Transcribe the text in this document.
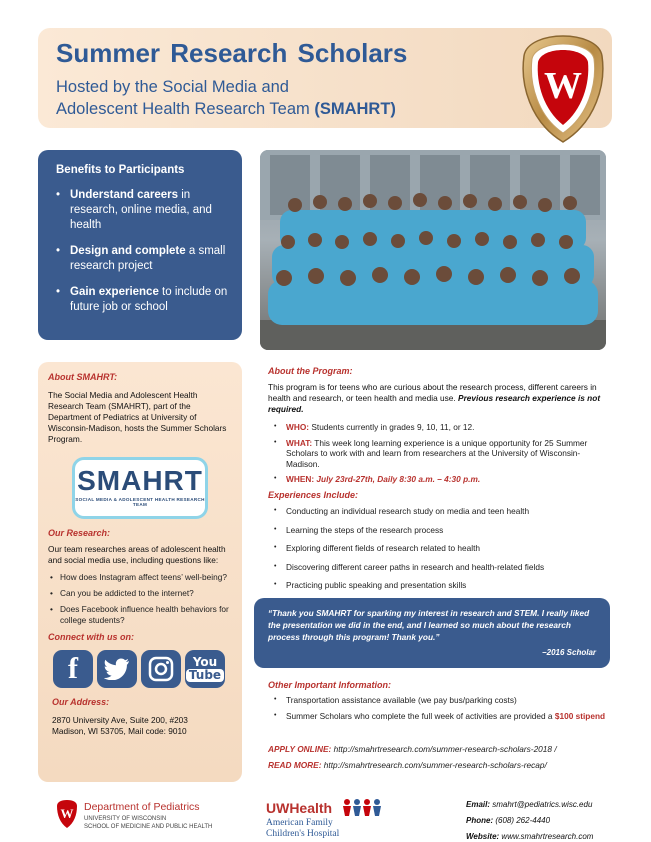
Summer Research Scholars
Hosted by the Social Media and
Adolescent Health Research Team (SMAHRT)
W
Benefits to Participants
• Understand careers in research, online media, and health
• Design and complete a small research project
• Gain experience to include on future job or school
About SMAHRT:
The Social Media and Adolescent Health Research Team (SMAHRT), part of the Department of Pediatrics at University of Wisconsin-Madison, hosts the Summer Scholars Program.
SMAHRT
SOCIAL MEDIA & ADOLESCENT HEALTH RESEARCH TEAM
Our Research:
Our team researches areas of adolescent health and social media use, including questions like:
• How does Instagram affect teens’ well-being?
• Can you be addicted to the internet?
• Does Facebook influence health behaviors for college students?
Connect with us on:
f	You
Tube
Our Address:
2870 University Ave, Suite 200, #203
Madison, WI 53705, Mail code: 9010
About the Program:
This program is for teens who are curious about the research process, different careers in health and research, or teen health and media use. Previous research experience is not required.
• WHO: Students currently in grades 9, 10, 11, or 12.
• WHAT: This week long learning experience is a unique opportunity for 25 Summer Scholars to work with and learn from researchers at the University of Wisconsin-Madison.
• WHEN: July 23rd-27th, Daily 8:30 a.m. – 4:30 p.m.
Experiences Include:
• Conducting an individual research study on media and teen health
• Learning the steps of the research process
• Exploring different fields of research related to health
• Discovering different career paths in research and health-related fields
• Practicing public speaking and presentation skills
“Thank you SMAHRT for sparking my interest in research and STEM. I really liked the presentation we did in the end, and I learned so much about the research process through this program! Thank you.”
–2016 Scholar
Other Important Information:
• Transportation assistance available (we pay bus/parking costs)
• Summer Scholars who complete the full week of activities are provided a $100 stipend
APPLY ONLINE: http://smahrtresearch.com/summer-research-scholars-2018 /
READ MORE: http://smahrtresearch.com/summer-research-scholars-recap/
W Department of Pediatrics
UNIVERSITY OF WISCONSIN
SCHOOL OF MEDICINE AND PUBLIC HEALTH
UWHealth
American Family
Children's Hospital
Email: smahrt@pediatrics.wisc.edu
Phone: (608) 262-4440
Website: www.smahrtresearch.com
